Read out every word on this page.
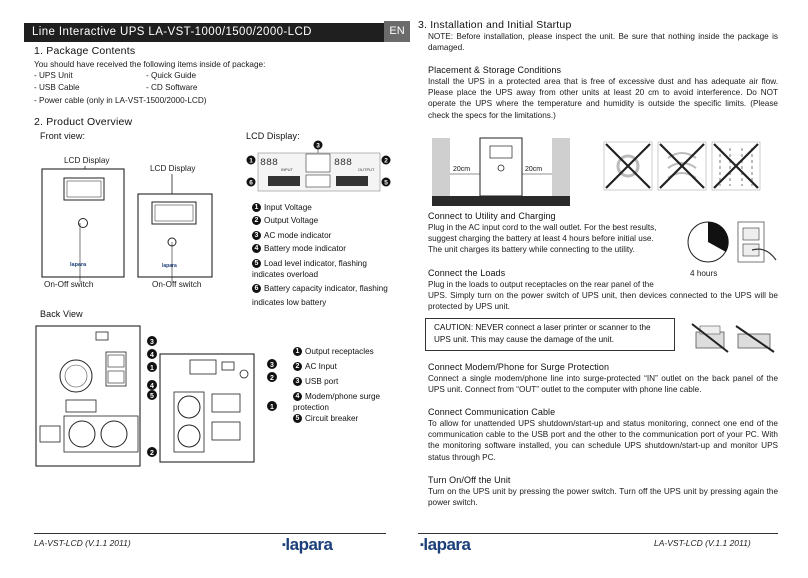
Line Interactive UPS LA-VST-1000/1500/2000-LCD	EN
1. Package Contents
You should have received the following items inside of package:
- UPS Unit
- USB Cable
- Power cable (only in LA-VST-1500/2000-LCD)
- Quick Guide
- CD Software
2. Product Overview
Front view:	LCD Display:
LCD Display
LCD Display
lapara	lapara
On-Off switch	On-Off switch
3
1	2
6	5
888
INPUT
888
OUTPUT
1 Input Voltage
2 Output Voltage
3 AC mode indicator
4 Battery mode indicator
5 Load level indicator, flashing indicates overload
6 Battery capacity indicator, flashing indicates low battery
Back View
3
4
1
2
4
5
3
2
1
1 Output receptacles
2 AC Input
3 USB port
4 Modem/phone surge protection
5 Circuit breaker
3. Installation and Initial Startup
NOTE: Before installation, please inspect the unit. Be sure that nothing inside the package is damaged.
Placement & Storage Conditions
Install the UPS in a protected area that is free of excessive dust and has adequate air flow. Please place the UPS away from other units at least 20 cm to avoid interference. Do NOT operate the UPS where the temperature and humidity is outside the specific limits. (Please check the specs for the limitations.)
20cm	20cm
Connect to Utility and Charging
Plug in the AC input cord to the wall outlet. For the best results,
suggest charging the battery at least 4 hours before initial use.
The unit charges its battery while connecting to the utility.
4 hours
Connect the Loads
Plug in the loads to output receptacles on the rear panel of the
UPS. Simply turn on the power switch of UPS unit, then devices connected to the UPS will be protected by UPS unit.
CAUTION: NEVER connect a laser printer or scanner to the
UPS unit. This may cause the damage of the unit.
Connect Modem/Phone for Surge Protection
Connect a single modem/phone line into surge-protected “IN” outlet on the back panel of the UPS unit. Connect from “OUT” outlet to the computer with phone line cable.
Connect Communication Cable
To allow for unattended UPS shutdown/start-up and status monitoring, connect one end of the communication cable to the USB port and the other to the communication port of your PC. With the monitoring software installed, you can schedule UPS shutdown/start-up and monitor UPS status through PC.
Turn On/Off the Unit
Turn on the UPS unit by pressing the power switch. Turn off the UPS unit by pressing again the power switch.
LA-VST-LCD (V.1.1 2011)	LA-VST-LCD (V.1.1 2011)
▪lapara	▪lapara
